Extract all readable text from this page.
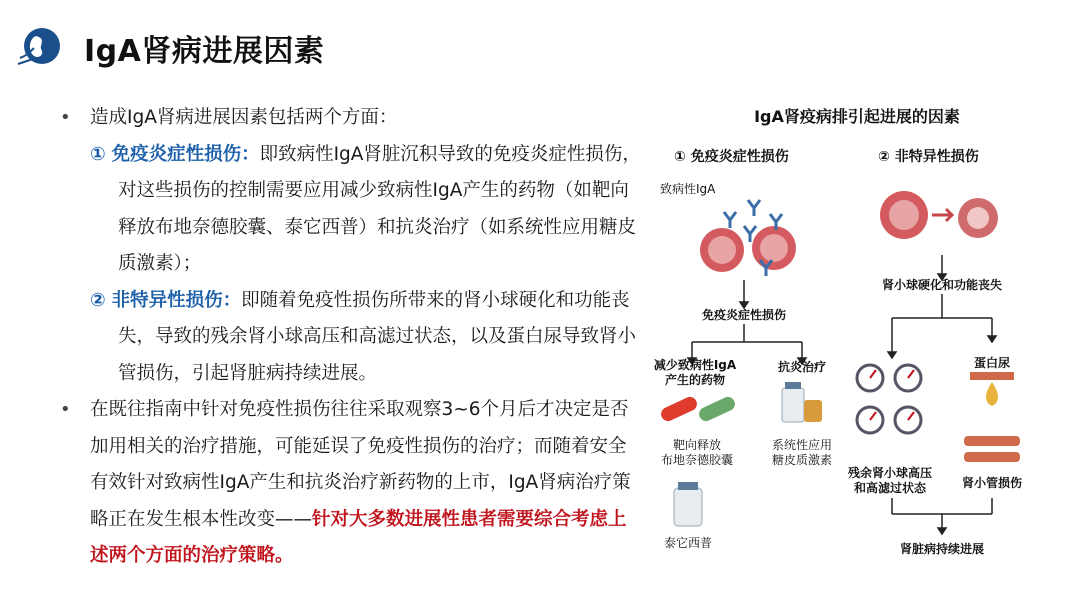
IgA肾病进展因素
• 造成IgA肾病进展因素包括两个方面：
① 免疫炎症性损伤：即致病性IgA肾脏沉积导致的免疫炎症性损伤，对这些损伤的控制需要应用减少致病性IgA产生的药物（如靶向释放布地奈德胶囊、泰它西普）和抗炎治疗（如系统性应用糖皮质激素）；
② 非特异性损伤：即随着免疫性损伤所带来的肾小球硬化和功能丧失，导致的残余肾小球高压和高滤过状态，以及蛋白尿导致肾小管损伤，引起肾脏病持续进展。
• 在既往指南中针对免疫性损伤往往采取观察3~6个月后才决定是否加用相关的治疗措施，可能延误了免疫性损伤的治疗；而随着安全有效针对致病性IgA产生和抗炎治疗新药物的上市，IgA肾病治疗策略正在发生根本性改变——针对大多数进展性患者需要综合考虑上述两个方面的治疗策略。
IgA肾疫病排引起进展的因素
① 免疫炎症性损伤	② 非特异性损伤
致病性IgA
免疫炎症性损伤
减少致病性IgA
产生的药物
抗炎治疗
靶向释放
布地奈德胶囊
系统性应用
糖皮质激素
泰它西普
肾小球硬化和功能丧失
蛋白尿
残余肾小球高压
和高滤过状态	肾小管损伤
肾脏病持续进展
